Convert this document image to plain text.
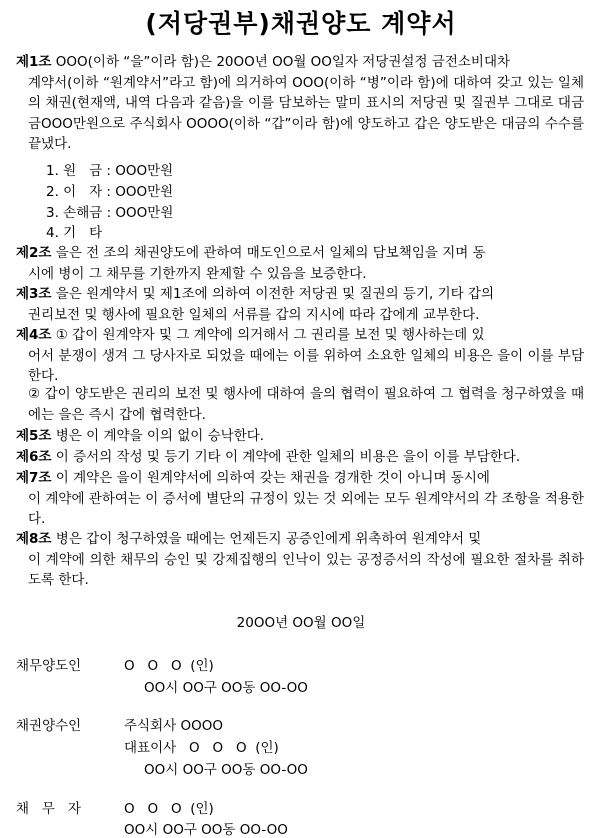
(저당권부)채권양도 계약서
제1조 OOO(이하 “을”이라 함)은 20OO년 OO월 OO일자 저당권설정 금전소비대차
계약서(이하 “원계약서”라고 함)에 의거하여 OOO(이하 “병”이라 함)에 대하여 갖고 있는 일체의 채권(현재액, 내역 다음과 같음)을 이를 담보하는 말미 표시의 저당권 및 질권부 그대로 대금 금OOO만원으로 주식회사 OOOO(이하 “갑”이라 함)에 양도하고 갑은 양도받은 대금의 수수를 끝냈다.
1. 원   금 : OOO만원
2. 이   자 : OOO만원
3. 손해금 : OOO만원
4. 기   타
제2조 을은 전 조의 채권양도에 관하여 매도인으로서 일체의 담보책임을 지며 동
시에 병이 그 채무를 기한까지 완제할 수 있음을 보증한다.
제3조 을은 원계약서 및 제1조에 의하여 이전한 저당권 및 질권의 등기, 기타 갑의
권리보전 및 행사에 필요한 일체의 서류를 갑의 지시에 따라 갑에게 교부한다.
제4조 ① 갑이 원계약자 및 그 계약에 의거해서 그 권리를 보전 및 행사하는데 있
어서 분쟁이 생겨 그 당사자로 되었을 때에는 이를 위하여 소요한 일체의 비용은 을이 이를 부담한다.
② 갑이 양도받은 권리의 보전 및 행사에 대하여 을의 협력이 필요하여 그 협력을 청구하였을 때에는 을은 즉시 갑에 협력한다.
제5조 병은 이 계약을 이의 없이 승낙한다.
제6조 이 증서의 작성 및 등기 기타 이 계약에 관한 일체의 비용은 을이 이를 부담한다.
제7조 이 계약은 을이 원계약서에 의하여 갖는 채권을 경개한 것이 아니며 동시에
이 계약에 관하여는 이 증서에 별단의 규정이 있는 것 외에는 모두 원계약서의 각 조항을 적용한다.
제8조 병은 갑이 청구하였을 때에는 언제든지 공증인에게 위촉하여 원계약서 및
이 계약에 의한 채무의 승인 및 강제집행의 인낙이 있는 공정증서의 작성에 필요한 절차를 취하도록 한다.
20OO년 OO월 OO일
채무양도인	O   O   O  (인)
OO시 OO구 OO동 OO-OO
채권양수인	주식회사 OOOO
대표이사   O   O   O  (인)
OO시 OO구 OO동 OO-OO
채   무   자	O   O   O  (인)
OO시 OO구 OO동 OO-OO
